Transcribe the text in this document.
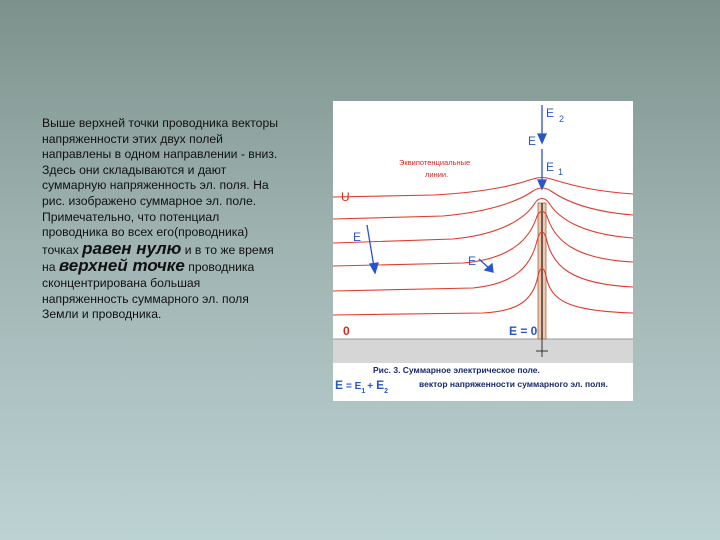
Выше верхней точки проводника векторы напряженности этих двух полей направлены в одном направлении - вниз. Здесь они складываются и дают суммарную напряженность эл. поля. На рис. изображено суммарное эл. поле. Примечательно, что потенциал проводника во всех его(проводника) точках равен нулю и в то же время на верхней точке проводника сконцентрирована большая напряженность суммарного эл. поля Земли и проводника.
E $_2$
E
E $_1$
Эквипотенциальные
линии.
U
E
E
0	E = 0
Рис. 3. Суммарное электрическое поле.
$E = E_1$ + $E_2$
вектор напряженности суммарного эл. поля.
